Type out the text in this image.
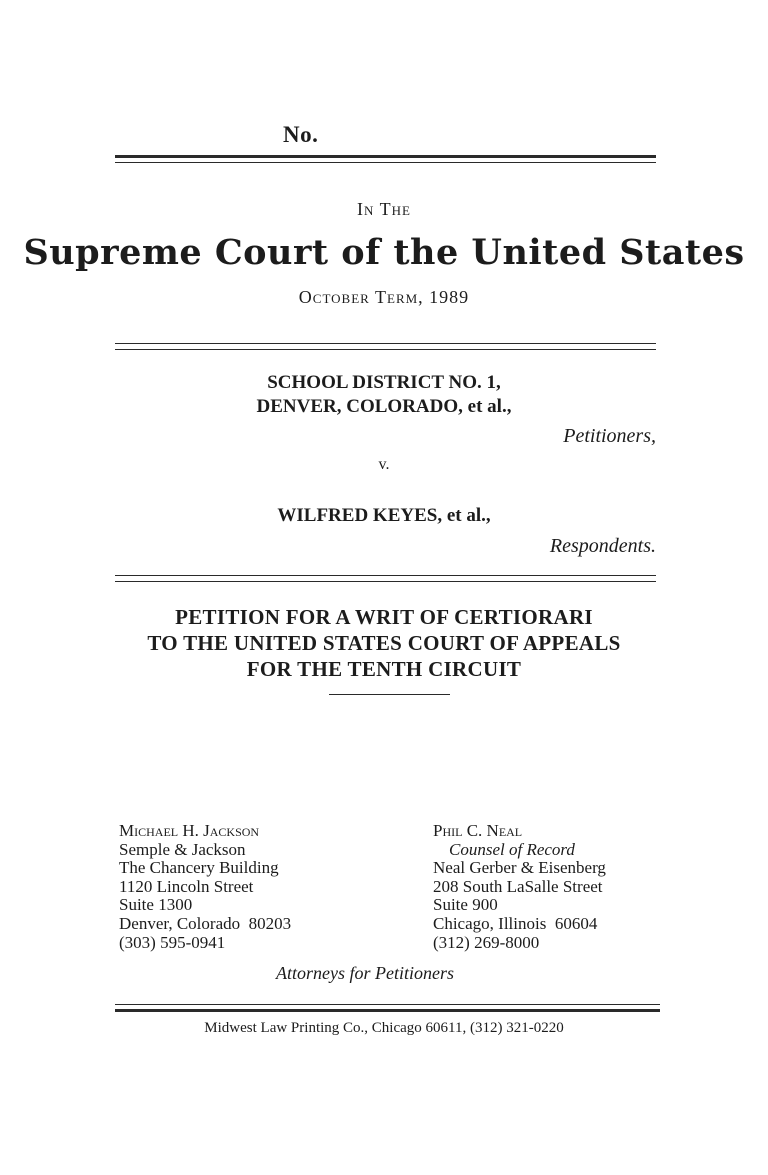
No.
In The
Supreme Court of the United States
October Term, 1989
SCHOOL DISTRICT NO. 1,
DENVER, COLORADO, et al.,
Petitioners,
v.
WILFRED KEYES, et al.,
Respondents.
PETITION FOR A WRIT OF CERTIORARI
TO THE UNITED STATES COURT OF APPEALS
FOR THE TENTH CIRCUIT
Michael H. Jackson
Semple & Jackson
The Chancery Building
1120 Lincoln Street
Suite 1300
Denver, Colorado  80203
(303) 595-0941
Phil C. Neal
Counsel of Record
Neal Gerber & Eisenberg
208 South LaSalle Street
Suite 900
Chicago, Illinois  60604
(312) 269-8000
Attorneys for Petitioners
Midwest Law Printing Co., Chicago 60611, (312) 321-0220
